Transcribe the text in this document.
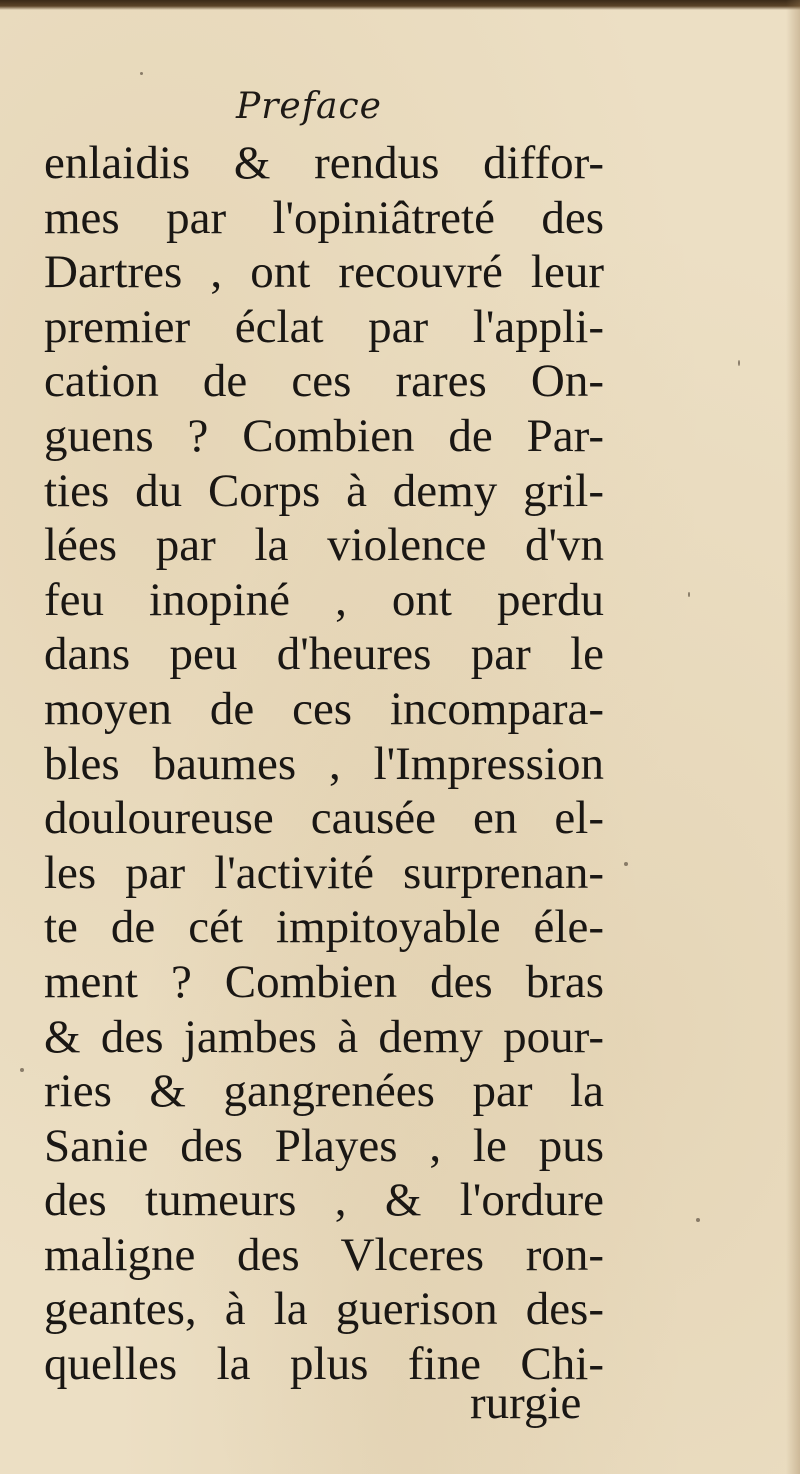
Preface
enlaidis & rendus diffor-
mes par l'opiniâtreté des
Dartres , ont recouvré leur
premier éclat par l'appli-
cation de ces rares On-
guens ? Combien de Par-
ties du Corps à demy gril-
lées par la violence d'vn
feu inopiné , ont perdu
dans peu d'heures par le
moyen de ces incompara-
bles baumes , l'Impression
douloureuse causée en el-
les par l'activité surprenan-
te de cét impitoyable éle-
ment ? Combien des bras
& des jambes à demy pour-
ries & gangrenées par la
Sanie des Playes , le pus
des tumeurs , & l'ordure
maligne des Vlceres ron-
geantes, à la guerison des-
quelles la plus fine Chi-
rurgie
